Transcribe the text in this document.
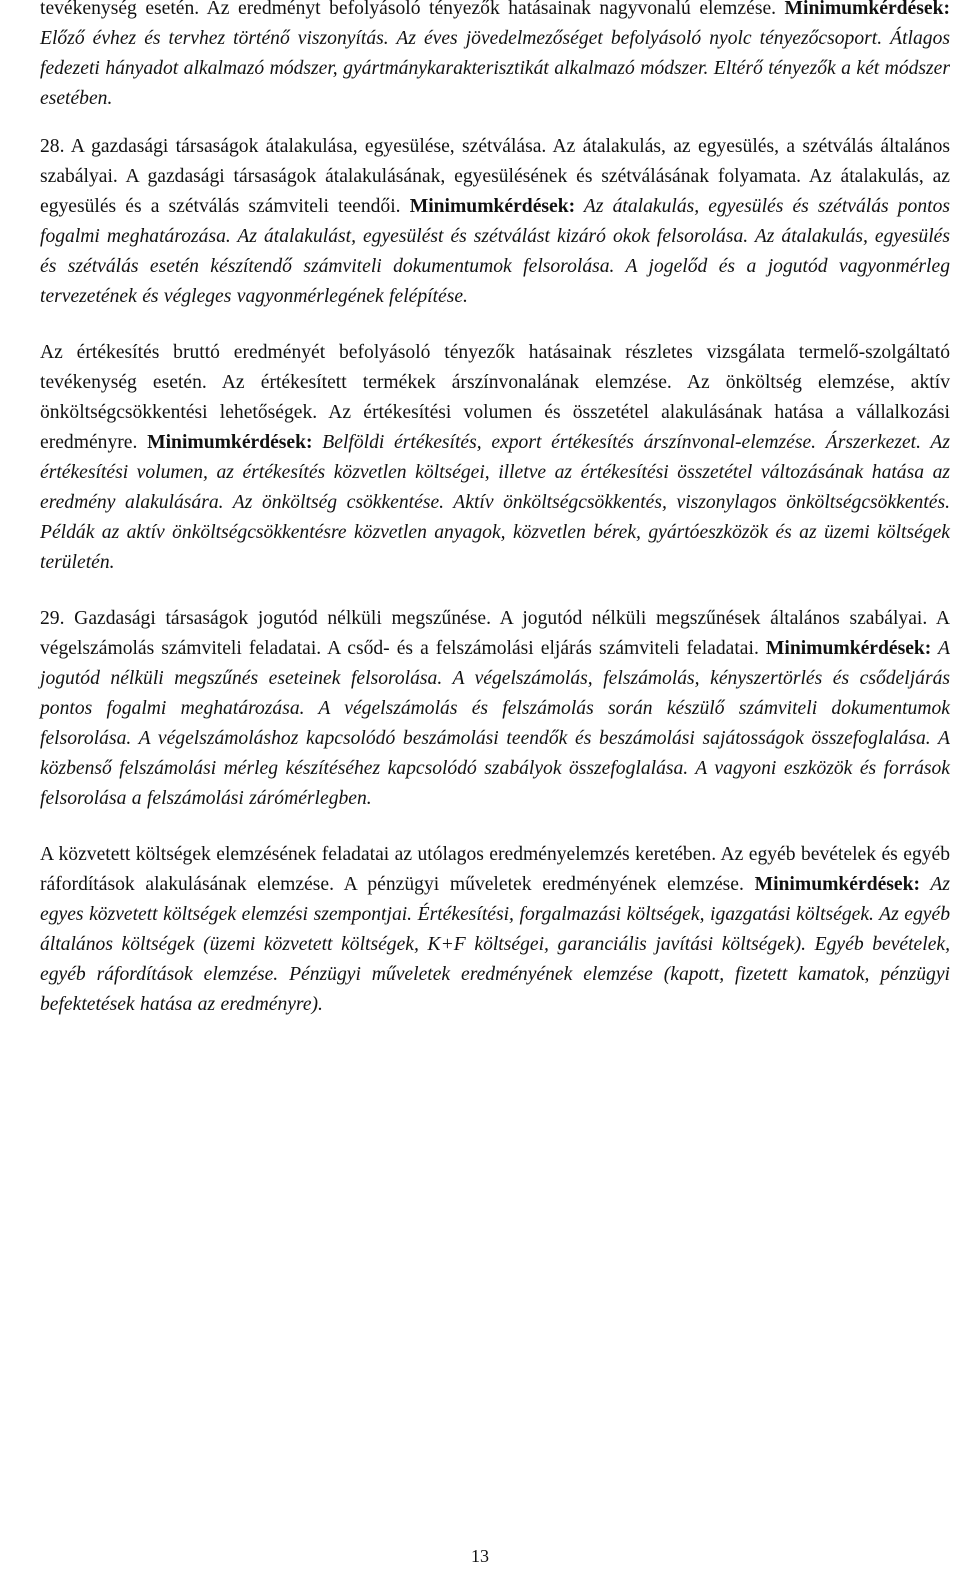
tevékenység esetén. Az eredményt befolyásoló tényezők hatásainak nagyvonalú elemzése. Minimumkérdések: Előző évhez és tervhez történő viszonyítás. Az éves jövedelmezőséget befolyásoló nyolc tényezőcsoport. Átlagos fedezeti hányadot alkalmazó módszer, gyártmánykarakterisztikát alkalmazó módszer. Eltérő tényezők a két módszer esetében.

28. A gazdasági társaságok átalakulása, egyesülése, szétválása. Az átalakulás, az egyesülés, a szétválás általános szabályai. A gazdasági társaságok átalakulásának, egyesülésének és szétválásának folyamata. Az átalakulás, az egyesülés és a szétválás számviteli teendői. Minimumkérdések: Az átalakulás, egyesülés és szétválás pontos fogalmi meghatározása. Az átalakulást, egyesülést és szétválást kizáró okok felsorolása. Az átalakulás, egyesülés és szétválás esetén készítendő számviteli dokumentumok felsorolása. A jogelőd és a jogutód vagyonmérleg tervezetének és végleges vagyonmérlegének felépítése.

Az értékesítés bruttó eredményét befolyásoló tényezők hatásainak részletes vizsgálata termelő-szolgáltató tevékenység esetén. Az értékesített termékek árszínvonalának elemzése. Az önköltség elemzése, aktív önköltségcsökkentési lehetőségek. Az értékesítési volumen és összetétel alakulásának hatása a vállalkozási eredményre. Minimumkérdések: Belföldi értékesítés, export értékesítés árszínvonal-elemzése. Árszerkezet. Az értékesítési volumen, az értékesítés közvetlen költségei, illetve az értékesítési összetétel változásának hatása az eredmény alakulására. Az önköltség csökkentése. Aktív önköltségcsökkentés, viszonylagos önköltségcsökkentés. Példák az aktív önköltségcsökkentésre közvetlen anyagok, közvetlen bérek, gyártóeszközök és az üzemi költségek területén.

29. Gazdasági társaságok jogutód nélküli megszűnése. A jogutód nélküli megszűnések általános szabályai. A végelszámolás számviteli feladatai. A csőd- és a felszámolási eljárás számviteli feladatai. Minimumkérdések: A jogutód nélküli megszűnés eseteinek felsorolása. A végelszámolás, felszámolás, kényszertörlés és csődeljárás pontos fogalmi meghatározása. A végelszámolás és felszámolás során készülő számviteli dokumentumok felsorolása. A végelszámoláshoz kapcsolódó beszámolási teendők és beszámolási sajátosságok összefoglalása. A közbenső felszámolási mérleg készítéséhez kapcsolódó szabályok összefoglalása. A vagyoni eszközök és források felsorolása a felszámolási zárómérlegben.

A közvetett költségek elemzésének feladatai az utólagos eredményelemzés keretében. Az egyéb bevételek és egyéb ráfordítások alakulásának elemzése. A pénzügyi műveletek eredményének elemzése. Minimumkérdések: Az egyes közvetett költségek elemzési szempontjai. Értékesítési, forgalmazási költségek, igazgatási költségek. Az egyéb általános költségek (üzemi közvetett költségek, K+F költségei, garanciális javítási költségek). Egyéb bevételek, egyéb ráfordítások elemzése. Pénzügyi műveletek eredményének elemzése (kapott, fizetett kamatok, pénzügyi befektetések hatása az eredményre).

13
